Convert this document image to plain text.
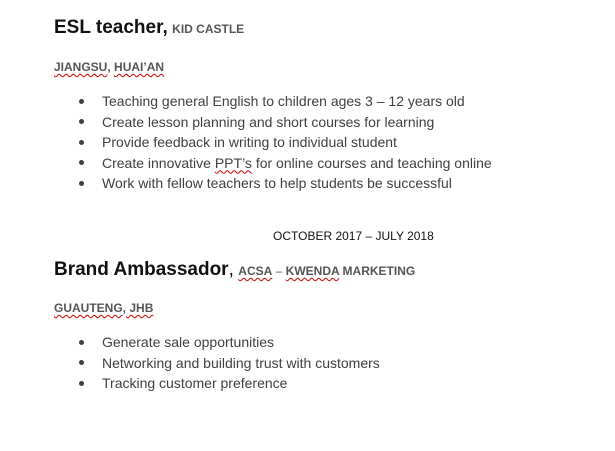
ESL teacher, KID CASTLE
JIANGSU, HUAI’AN
Teaching general English to children ages 3 – 12 years old
Create lesson planning and short courses for learning
Provide feedback in writing to individual student
Create innovative PPT’s for online courses and teaching online
Work with fellow teachers to help students be successful
OCTOBER 2017 – JULY 2018
Brand Ambassador, ACSA – KWENDA MARKETING
GUAUTENG, JHB
Generate sale opportunities
Networking and building trust with customers
Tracking customer preference
